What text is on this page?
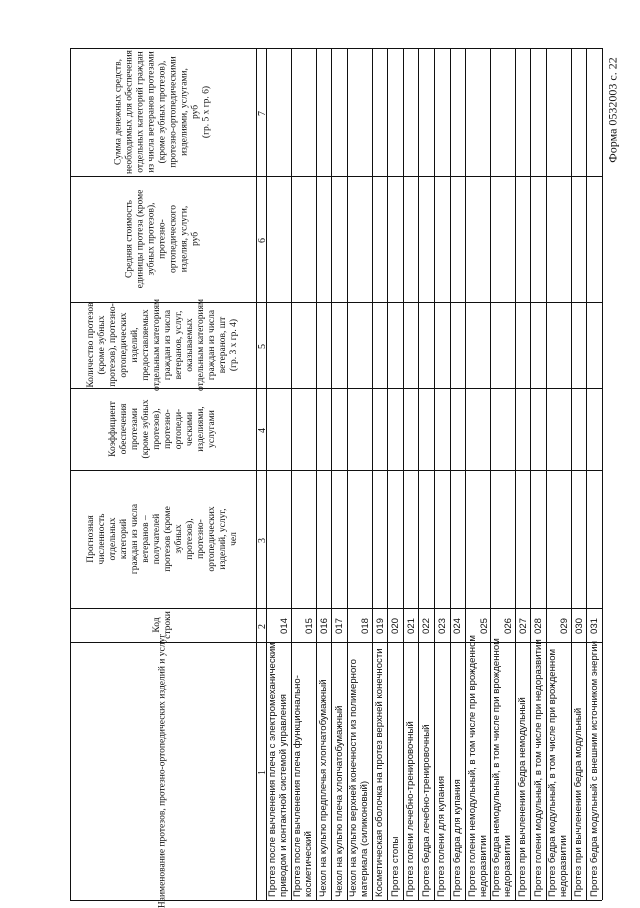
Форма 0532003 с. 22
Наименование протезов, протезно-ортопедических изделий и услуг
Код строки
Прогнозная численность отдельных категорий граждан из числа ветеранов – получателей протезов (кроме зубных протезов), протезно- ортопедических изделий, услуг, чел
Коэффициент обеспечения протезами (кроме зубных протезов), протезно- ортопеди- ческими изделиями, услугами
Количество протезов (кроме зубных протезов), протезно- ортопедических изделий, предоставляемых отдельным категориям граждан из числа ветеранов, услуг, оказываемых отдельным категориям граждан из числа ветеранов, шт (гр. 3 х гр. 4)
Средняя стоимость единицы протеза (кроме зубных протезов), протезно- ортопедического изделия, услуги, руб
Сумма денежных средств, необходимых для обеспечения отдельных категорий граждан из числа ветеранов протезами (кроме зубных протезов), протезно-ортопедическими изделиями, услугами, руб (гр. 5 х гр. 6)
1
2
3
4
5
6
7
Протез после вычленения плеча с электромеханическим приводом и контактной системой управления
014
Протез после вычленения плеча функционально- косметический
015
Чехол на культю предплечья хлопчатобумажный
016
Чехол на культю плеча хлопчатобумажный
017
Чехол на культю верхней конечности из полимерного материала (силиконовый)
018
Косметическая оболочка на протез верхней конечности
019
Протез стопы
020
Протез голени лечебно-тренировочный
021
Протез бедра лечебно-тренировочный
022
Протез голени для купания
023
Протез бедра для купания
024
Протез голени немодульный, в том числе при врожденном недоразвитии
025
Протез бедра немодульный, в том числе при врожденном недоразвитии
026
Протез при вычленении бедра немодульный
027
Протез голени модульный, в том числе при недоразвитии
028
Протез бедра модульный, в том числе при врожденном недоразвитии
029
Протез при вычленении бедра модульный
030
Протез бедра модульный с внешним источником энергии
031
